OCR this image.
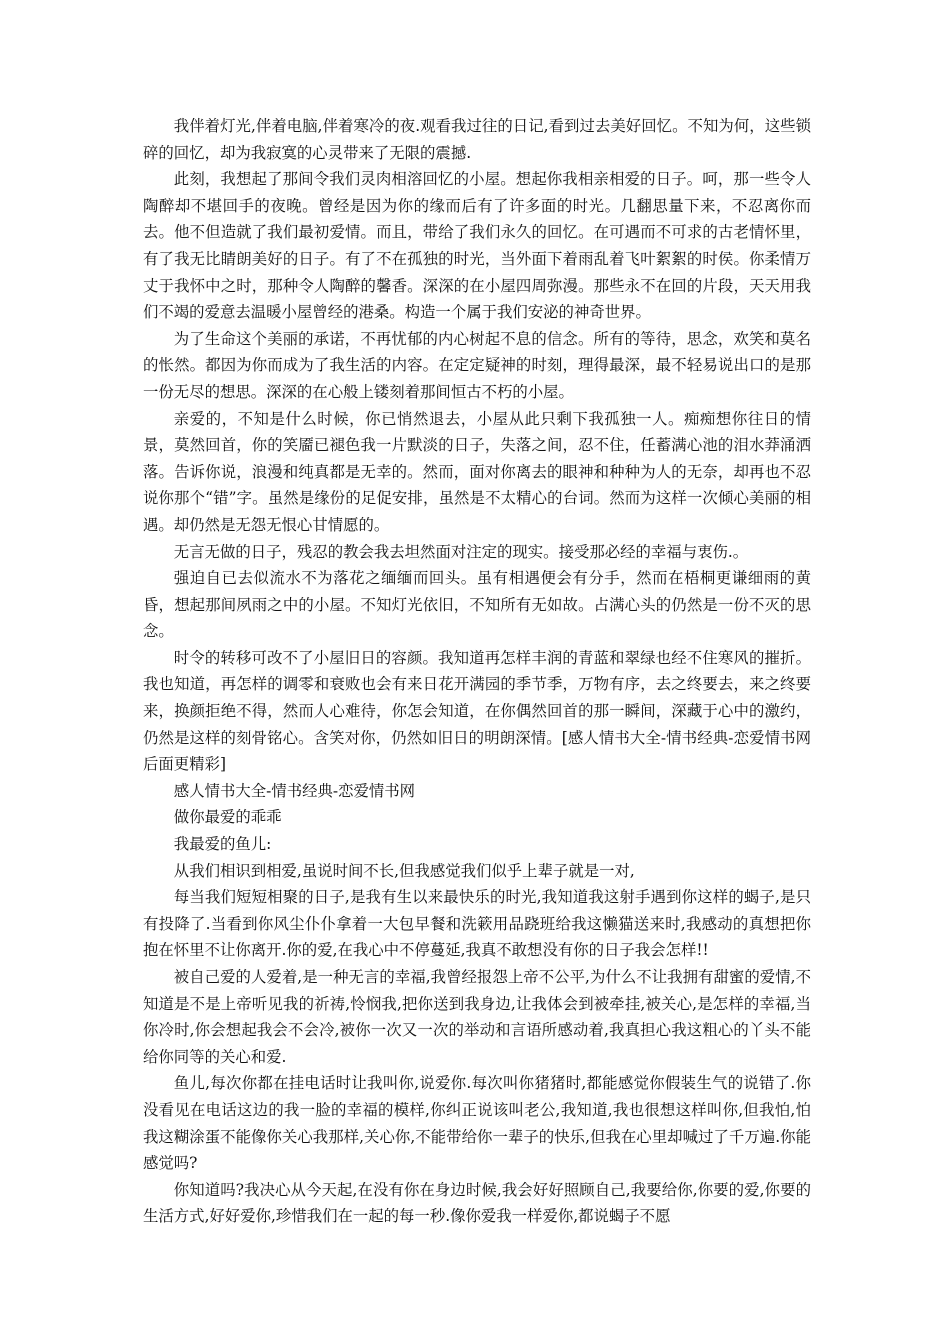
我伴着灯光,伴着电脑,伴着寒冷的夜.观看我过往的日记,看到过去美好回忆。不知为何，这些锁碎的回忆，却为我寂寞的心灵带来了无限的震撼.

此刻，我想起了那间令我们灵肉相溶回忆的小屋。想起你我相亲相爱的日子。呵，那一些令人陶醉却不堪回手的夜晚。曾经是因为你的缘而后有了许多面的时光。几翻思量下来，不忍离你而去。他不但造就了我们最初爱情。而且，带给了我们永久的回忆。在可遇而不可求的古老情怀里，有了我无比睛朗美好的日子。有了不在孤独的时光，当外面下着雨乱着飞叶絮絮的时侯。你柔情万丈于我怀中之时，那种令人陶醉的馨香。深深的在小屋四周弥漫。那些永不在回的片段，天天用我们不竭的爱意去温暖小屋曾经的港桑。构造一个属于我们安泌的神奇世界。

为了生命这个美丽的承诺，不再忧郁的内心树起不息的信念。所有的等待，思念，欢笑和莫名的怅然。都因为你而成为了我生活的内容。在定定疑神的时刻，理得最深，最不轻易说出口的是那一份无尽的想思。深深的在心般上镂刻着那间恒古不朽的小屋。

亲爱的，不知是什么时候，你已悄然退去，小屋从此只剩下我孤独一人。痴痴想你往日的情景，莫然回首，你的笑靥已褪色我一片默淡的日子，失落之间，忍不住，任蓄满心池的泪水莽涌洒落。告诉你说，浪漫和纯真都是无幸的。然而，面对你离去的眼神和种种为人的无奈，却再也不忍说你那个“错”字。虽然是缘份的足促安排，虽然是不太精心的台词。然而为这样一次倾心美丽的相遇。却仍然是无怨无恨心甘情愿的。

无言无做的日子，残忍的教会我去坦然面对注定的现实。接受那必经的幸福与衷伤.。

强迫自已去似流水不为落花之缅缅而回头。虽有相遇便会有分手，然而在梧桐更谦细雨的黄昏，想起那间夙雨之中的小屋。不知灯光依旧，不知所有无如故。占满心头的仍然是一份不灭的思念。

时令的转移可改不了小屋旧日的容颜。我知道再怎样丰润的青蓝和翠绿也经不住寒风的摧折。我也知道，再怎样的调零和衰败也会有来日花开满园的季节季，万物有序，去之终要去，来之终要来，换颜拒绝不得，然而人心难待，你怎会知道，在你偶然回首的那一瞬间，深藏于心中的激约，仍然是这样的刻骨铭心。含笑对你，仍然如旧日的明朗深情。[感人情书大全-情书经典-恋爱情书网后面更精彩]

感人情书大全-情书经典-恋爱情书网

做你最爱的乖乖

我最爱的鱼儿:

从我们相识到相爱,虽说时间不长,但我感觉我们似乎上辈子就是一对,

每当我们短短相聚的日子,是我有生以来最快乐的时光,我知道我这射手遇到你这样的蝎子,是只有投降了.当看到你风尘仆仆拿着一大包早餐和洗簌用品跷班给我这懒猫送来时,我感动的真想把你抱在怀里不让你离开.你的爱,在我心中不停蔓延,我真不敢想没有你的日子我会怎样!!

被自己爱的人爱着,是一种无言的幸福,我曾经报怨上帝不公平,为什么不让我拥有甜蜜的爱情,不知道是不是上帝听见我的祈祷,怜悯我,把你送到我身边,让我体会到被牵挂,被关心,是怎样的幸福,当你冷时,你会想起我会不会冷,被你一次又一次的举动和言语所感动着,我真担心我这粗心的丫头不能给你同等的关心和爱.

鱼儿,每次你都在挂电话时让我叫你,说爱你.每次叫你猪猪时,都能感觉你假装生气的说错了.你没看见在电话这边的我一脸的幸福的模样,你纠正说该叫老公,我知道,我也很想这样叫你,但我怕,怕我这糊涂蛋不能像你关心我那样,关心你,不能带给你一辈子的快乐,但我在心里却喊过了千万遍.你能感觉吗?

你知道吗?我决心从今天起,在没有你在身边时候,我会好好照顾自己,我要给你,你要的爱,你要的生活方式,好好爱你,珍惜我们在一起的每一秒.像你爱我一样爱你,都说蝎子不愿
